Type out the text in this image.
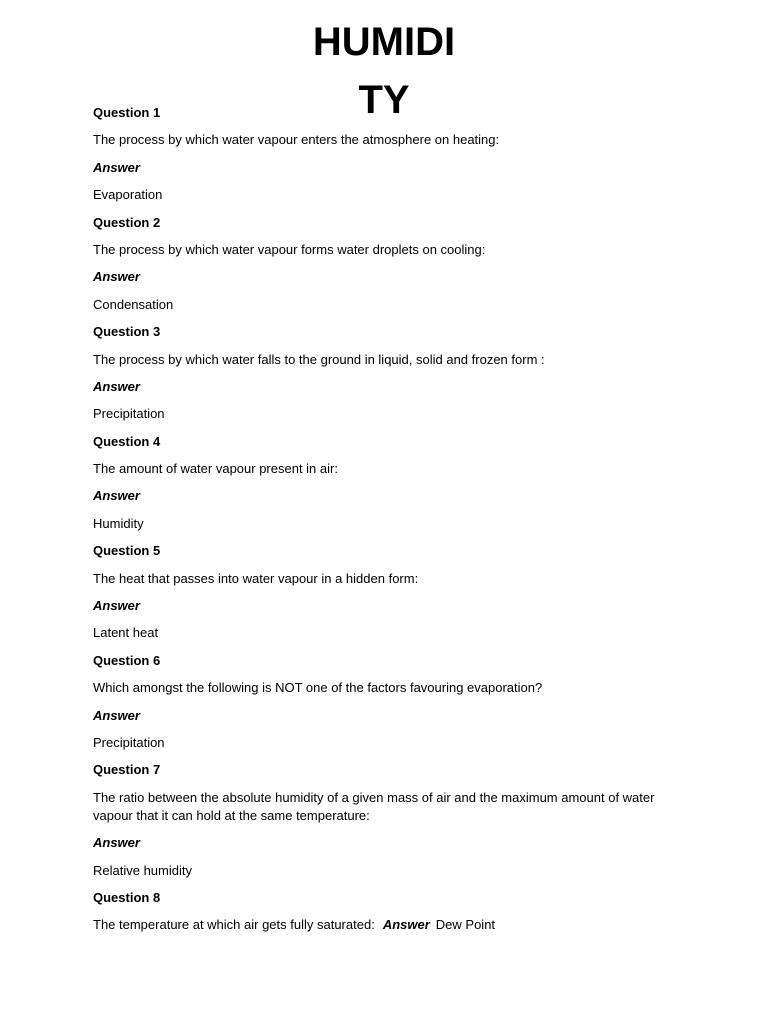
HUMIDI
TY

Question 1

The process by which water vapour enters the atmosphere on heating:

Answer

Evaporation

Question 2

The process by which water vapour forms water droplets on cooling:

Answer

Condensation

Question 3

The process by which water falls to the ground in liquid, solid and frozen form :

Answer

Precipitation

Question 4

The amount of water vapour present in air:

Answer

Humidity

Question 5

The heat that passes into water vapour in a hidden form:

Answer

Latent heat

Question 6

Which amongst the following is NOT one of the factors favouring evaporation?

Answer

Precipitation

Question 7

The ratio between the absolute humidity of a given mass of air and the maximum amount of water vapour that it can hold at the same temperature:

Answer

Relative humidity

Question 8

The temperature at which air gets fully saturated: Answer Dew Point
